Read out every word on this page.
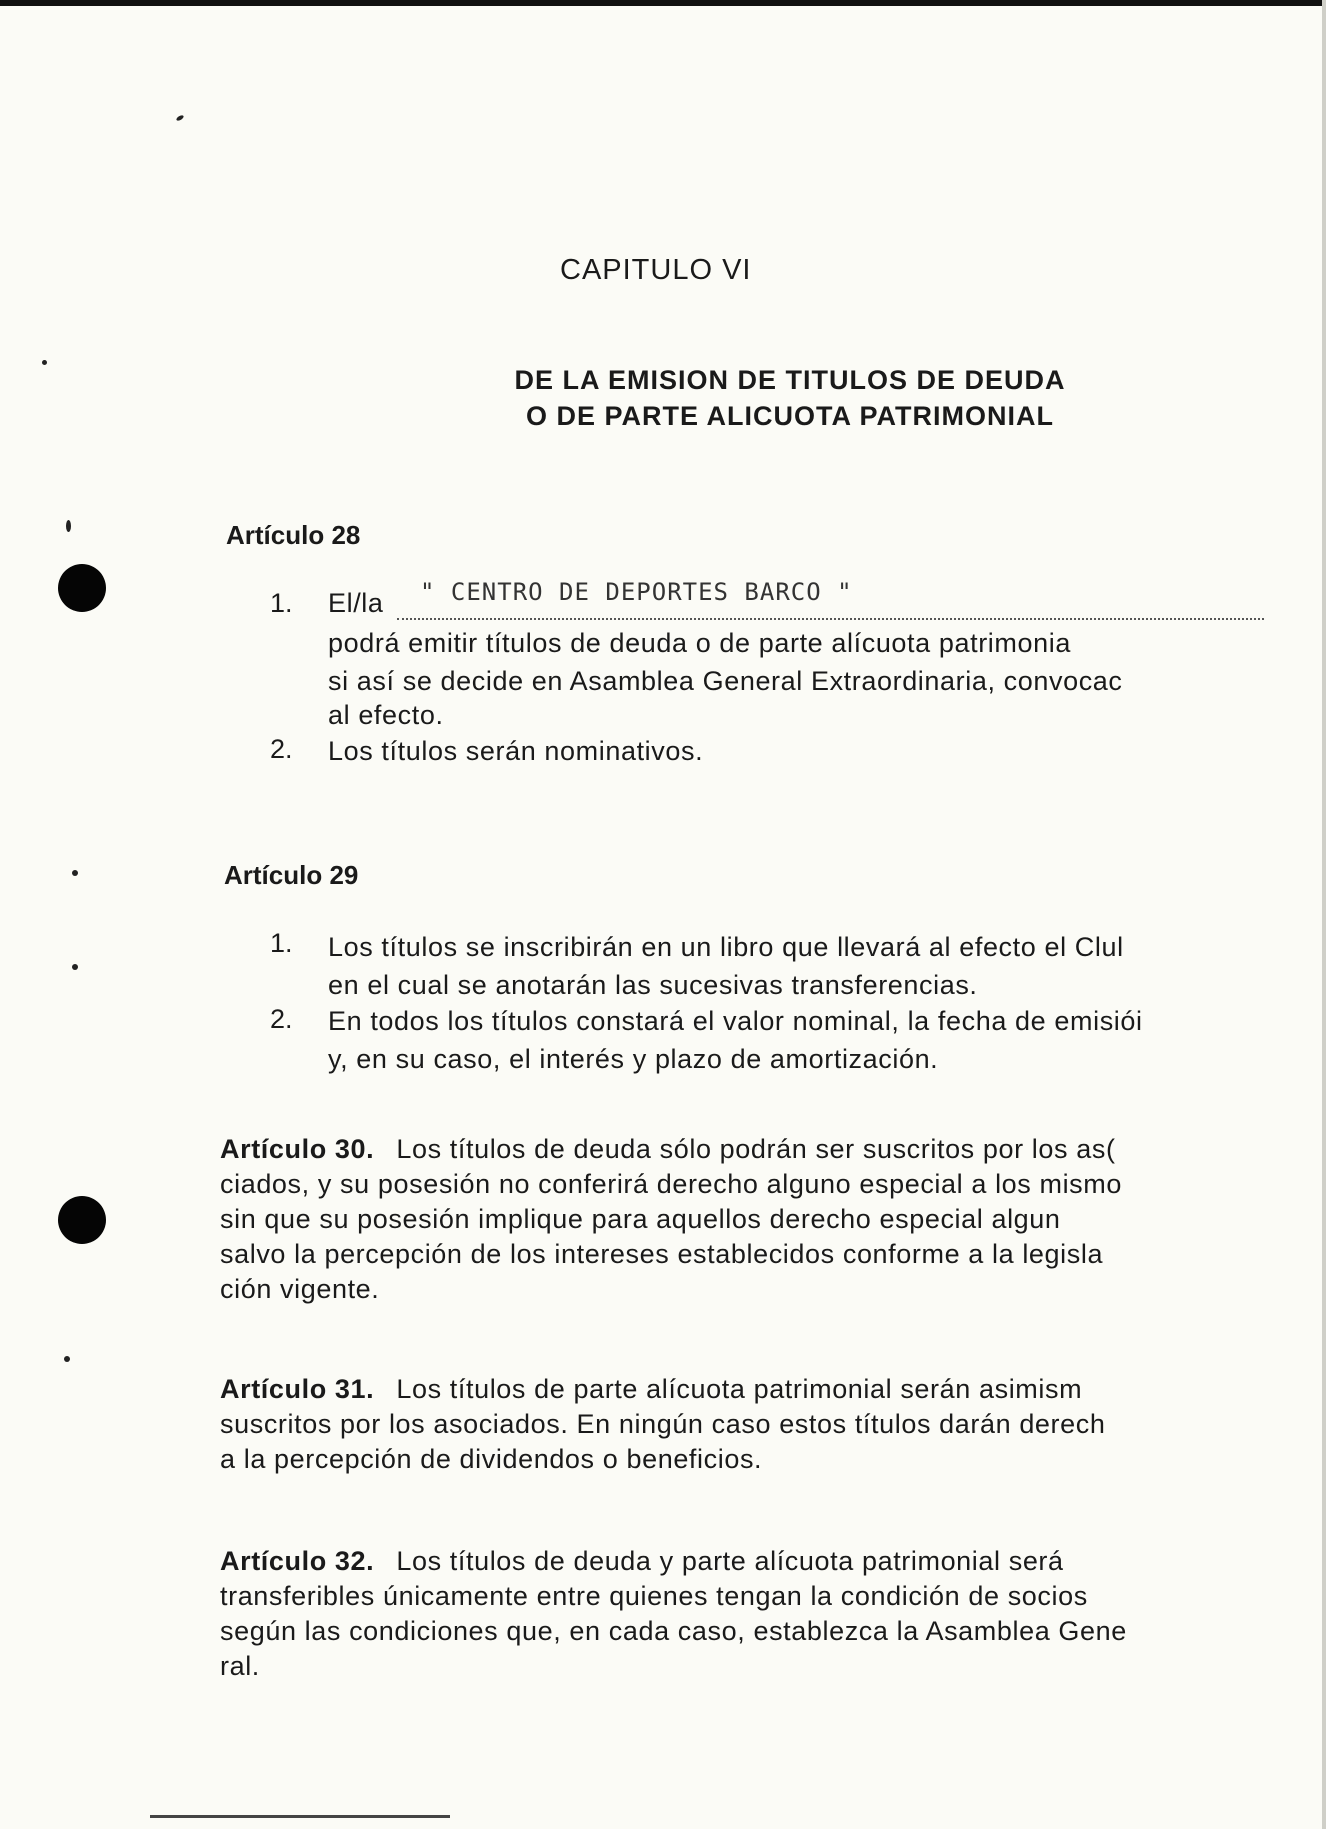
CAPITULO VI
DE LA EMISION DE TITULOS DE DEUDA
O DE PARTE ALICUOTA PATRIMONIAL
Artículo 28
1. El/la " CENTRO DE DEPORTES BARCO "
podrá emitir títulos de deuda o de parte alícuota patrimonia
si así se decide en Asamblea General Extraordinaria, convocac
al efecto.
2. Los títulos serán nominativos.
Artículo 29
1. Los títulos se inscribirán en un libro que llevará al efecto el Clul
en el cual se anotarán las sucesivas transferencias.
2. En todos los títulos constará el valor nominal, la fecha de emisiói
y, en su caso, el interés y plazo de amortización.
Artículo 30. Los títulos de deuda sólo podrán ser suscritos por los as(
ciados, y su posesión no conferirá derecho alguno especial a los mismo
sin que su posesión implique para aquellos derecho especial algun
salvo la percepción de los intereses establecidos conforme a la legisla
ción vigente.
Artículo 31. Los títulos de parte alícuota patrimonial serán asimism
suscritos por los asociados. En ningún caso estos títulos darán derech
a la percepción de dividendos o beneficios.
Artículo 32. Los títulos de deuda y parte alícuota patrimonial será
transferibles únicamente entre quienes tengan la condición de socios
según las condiciones que, en cada caso, establezca la Asamblea Gene
ral.
